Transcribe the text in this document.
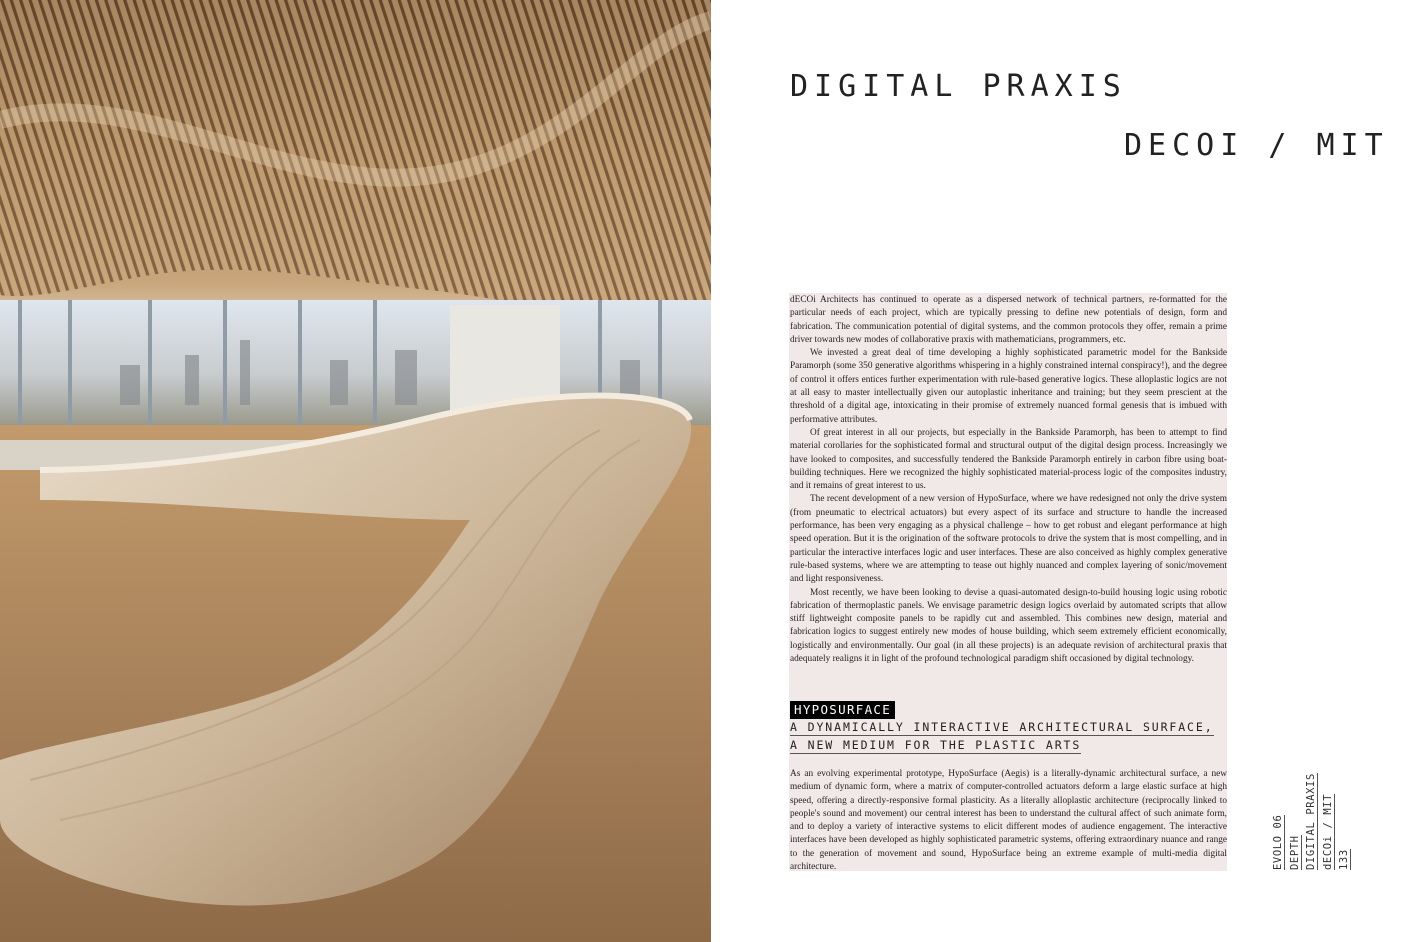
DIGITAL PRAXIS
DECOI / MIT

dECOi Architects has continued to operate as a dispersed network of technical partners, re-formatted for the particular needs of each project, which are typically pressing to define new potentials of design, form and fabrication. The communication potential of digital systems, and the common protocols they offer, remain a prime driver towards new modes of collaborative praxis with mathematicians, programmers, etc.

We invested a great deal of time developing a highly sophisticated parametric model for the Bankside Paramorph (some 350 generative algorithms whispering in a highly constrained internal conspiracy!), and the degree of control it offers entices further experimentation with rule-based generative logics. These alloplastic logics are not at all easy to master intellectually given our autoplastic inheritance and training; but they seem prescient at the threshold of a digital age, intoxicating in their promise of extremely nuanced formal genesis that is imbued with performative attributes.

Of great interest in all our projects, but especially in the Bankside Paramorph, has been to attempt to find material corollaries for the sophisticated formal and structural output of the digital design process. Increasingly we have looked to composites, and successfully tendered the Bankside Paramorph entirely in carbon fibre using boat-building techniques. Here we recognized the highly sophisticated material-process logic of the composites industry, and it remains of great interest to us.

The recent development of a new version of HypoSurface, where we have redesigned not only the drive system (from pneumatic to electrical actuators) but every aspect of its surface and structure to handle the increased performance, has been very engaging as a physical challenge – how to get robust and elegant performance at high speed operation. But it is the origination of the software protocols to drive the system that is most compelling, and in particular the interactive interfaces logic and user interfaces. These are also conceived as highly complex generative rule-based systems, where we are attempting to tease out highly nuanced and complex layering of sonic/movement and light responsiveness.

Most recently, we have been looking to devise a quasi-automated design-to-build housing logic using robotic fabrication of thermoplastic panels. We envisage parametric design logics overlaid by automated scripts that allow stiff lightweight composite panels to be rapidly cut and assembled. This combines new design, material and fabrication logics to suggest entirely new modes of house building, which seem extremely efficient economically, logistically and environmentally. Our goal (in all these projects) is an adequate revision of architectural praxis that adequately realigns it in light of the profound technological paradigm shift occasioned by digital technology.

HYPOSURFACE
A DYNAMICALLY INTERACTIVE ARCHITECTURAL SURFACE,
A NEW MEDIUM FOR THE PLASTIC ARTS

As an evolving experimental prototype, HypoSurface (Aegis) is a literally-dynamic architectural surface, a new medium of dynamic form, where a matrix of computer-controlled actuators deform a large elastic surface at high speed, offering a directly-responsive formal plasticity. As a literally alloplastic architecture (reciprocally linked to people's sound and movement) our central interest has been to understand the cultural affect of such animate form, and to deploy a variety of interactive systems to elicit different modes of audience engagement. The interactive interfaces have been developed as highly sophisticated parametric systems, offering extraordinary nuance and range to the generation of movement and sound, HypoSurface being an extreme example of multi-media digital architecture.	EVOLO 06 DEPTH DIGITAL PRAXIS dECOi / MIT 133
